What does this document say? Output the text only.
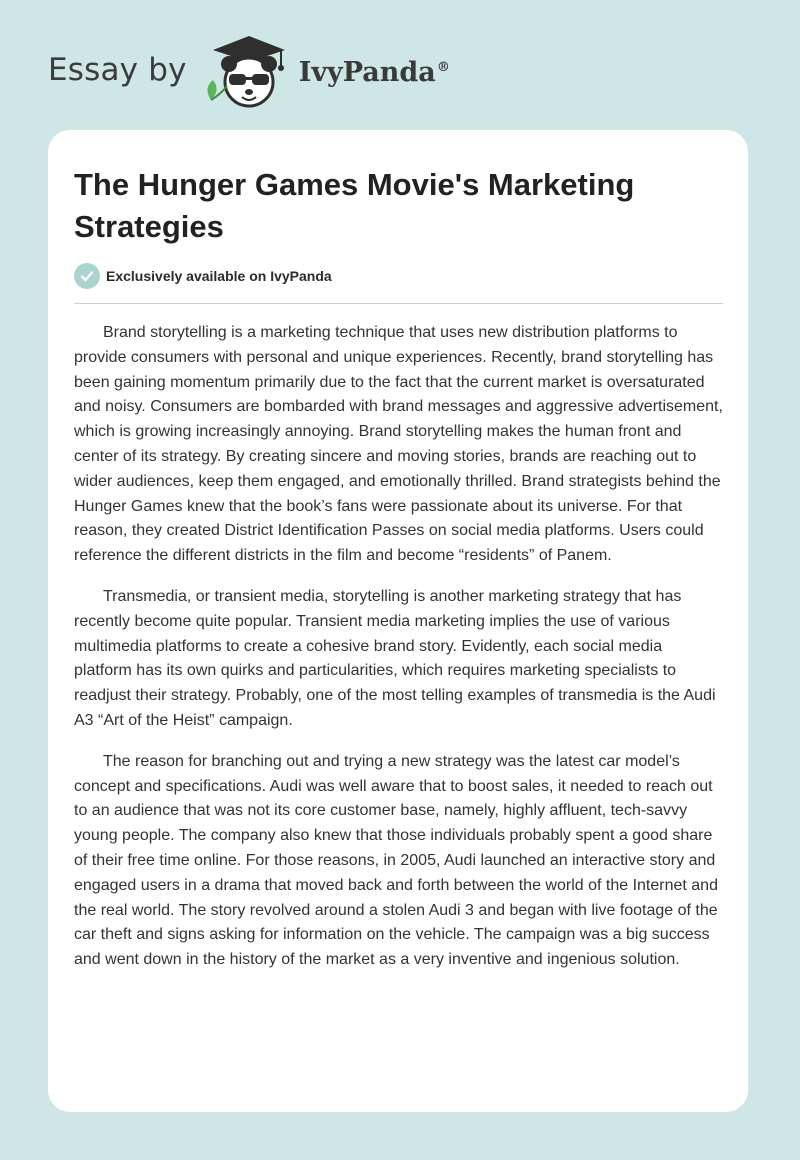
Essay by	IvyPanda®
The Hunger Games Movie's Marketing Strategies
Exclusively available on IvyPanda

Brand storytelling is a marketing technique that uses new distribution platforms to provide consumers with personal and unique experiences. Recently, brand storytelling has been gaining momentum primarily due to the fact that the current market is oversaturated and noisy. Consumers are bombarded with brand messages and aggressive advertisement, which is growing increasingly annoying. Brand storytelling makes the human front and center of its strategy. By creating sincere and moving stories, brands are reaching out to wider audiences, keep them engaged, and emotionally thrilled. Brand strategists behind the Hunger Games knew that the book’s fans were passionate about its universe. For that reason, they created District Identification Passes on social media platforms. Users could reference the different districts in the film and become “residents” of Panem.

Transmedia, or transient media, storytelling is another marketing strategy that has recently become quite popular. Transient media marketing implies the use of various multimedia platforms to create a cohesive brand story. Evidently, each social media platform has its own quirks and particularities, which requires marketing specialists to readjust their strategy. Probably, one of the most telling examples of transmedia is the Audi A3 “Art of the Heist” campaign.

The reason for branching out and trying a new strategy was the latest car model’s concept and specifications. Audi was well aware that to boost sales, it needed to reach out to an audience that was not its core customer base, namely, highly affluent, tech-savvy young people. The company also knew that those individuals probably spent a good share of their free time online. For those reasons, in 2005, Audi launched an interactive story and engaged users in a drama that moved back and forth between the world of the Internet and the real world. The story revolved around a stolen Audi 3 and began with live footage of the car theft and signs asking for information on the vehicle. The campaign was a big success and went down in the history of the market as a very inventive and ingenious solution.
